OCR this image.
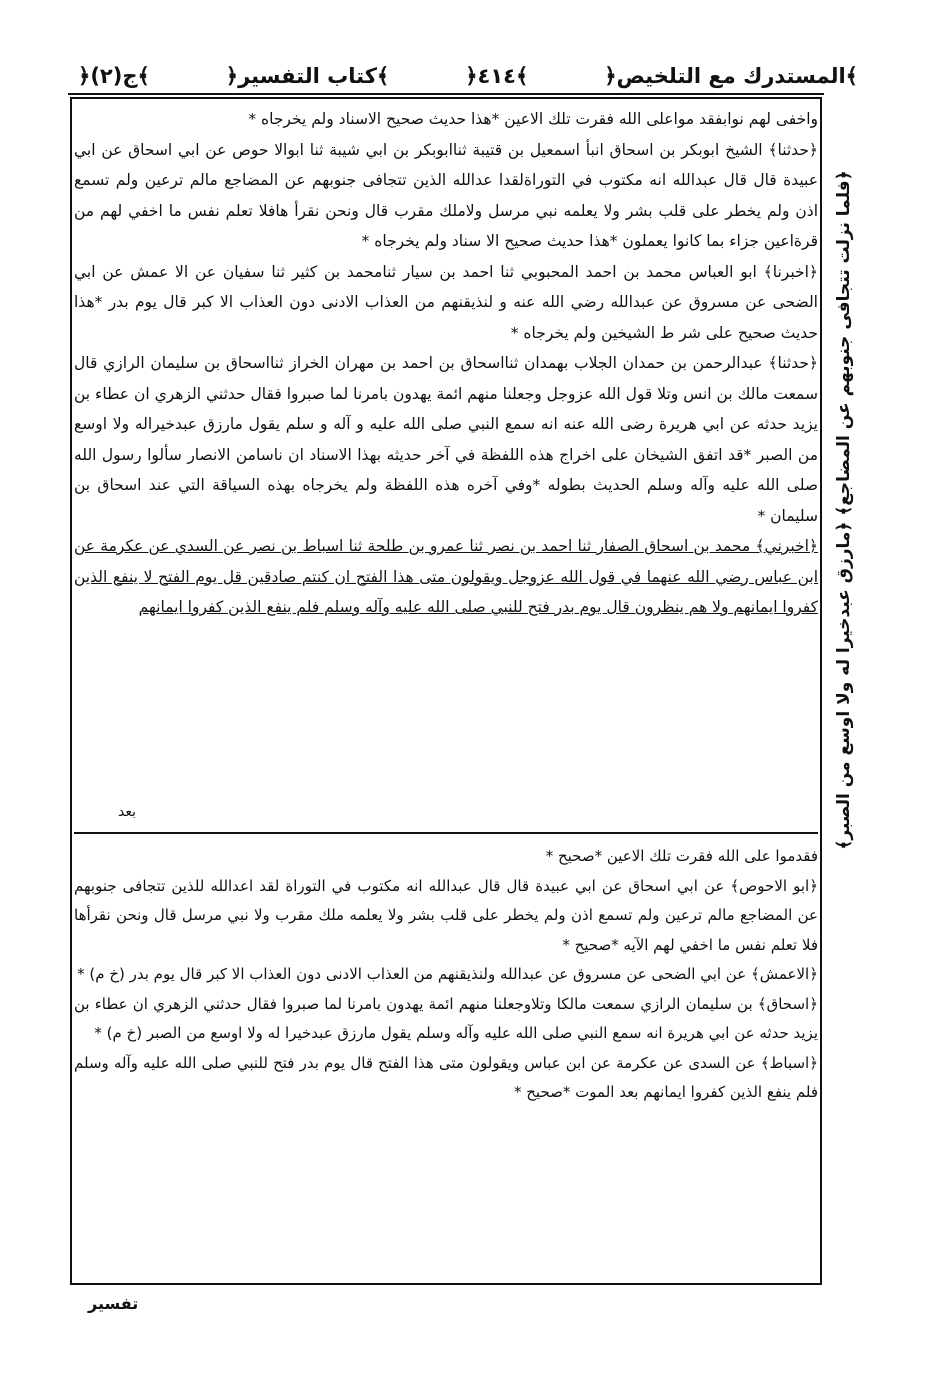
﴿المستدرك مع التلخيص﴾
﴿٤١٤﴾
﴿كتاب التفسير﴾
﴿ج(٢)﴾

واخفى لهم نوابفقد مواعلى الله فقرت تلك الاعين *هذا حديث صحيح الاسناد ولم يخرجاه *

﴿حدثنا﴾ الشيخ ابوبكر بن اسحاق انبأ اسمعيل بن قتيبة ثناابوبكر بن ابي شيبة ثنا ابوالا حوص عن ابي اسحاق عن ابي عبيدة قال قال عبدالله انه مكتوب في التوراةلقدا عدالله الذين تتجافى جنوبهم عن المضاجع مالم ترعين ولم تسمع اذن ولم يخطر على قلب بشر ولا يعلمه نبي مرسل ولاملك مقرب قال ونحن نقرأ هافلا تعلم نفس ما اخفي لهم من قرةاعين جزاء بما كانوا يعملون *هذا حديث صحيح الا سناد ولم يخرجاه *

﴿اخبرنا﴾ ابو العباس محمد بن احمد المحبوبي ثنا احمد بن سيار ثنامحمد بن كثير ثنا سفيان عن الا عمش عن ابي الضحى عن مسروق عن عبدالله رضي الله عنه و لنذيقنهم من العذاب الادنى دون العذاب الا كبر قال يوم بدر *هذا حديث صحيح على شر ط الشيخين ولم يخرجاه *

﴿حدثنا﴾ عبدالرحمن بن حمدان الجلاب بهمدان ثنااسحاق بن احمد بن مهران الخراز ثنااسحاق بن سليمان الرازي قال سمعت مالك بن انس وتلا قول الله عزوجل وجعلنا منهم ائمة يهدون بامرنا لما صبروا فقال حدثني الزهري ان عطاء بن يزيد حدثه عن ابي هريرة رضى الله عنه انه سمع النبي صلى الله عليه و آله و سلم يقول مارزق عبدخيراله ولا اوسع من الصبر *قد اتفق الشيخان على اخراج هذه اللفظة في آخر حديثه بهذا الاسناد ان ناسامن الانصار سألوا رسول الله صلى الله عليه وآله وسلم الحديث بطوله *وفي آخره هذه اللفظة ولم يخرجاه بهذه السياقة التي عند اسحاق بن سليمان *

﴿اخبرني﴾ محمد بن اسحاق الصفار ثنا احمد بن نصر ثنا عمرو بن طلحة ثنا اسباط بن نصر عن السدي عن عكرمة عن ابن عباس رضي الله عنهما في قول الله عزوجل ويقولون متى هذا الفتح ان كنتم صادقين قل يوم الفتح لا ينفع الذين كفروا ايمانهم ولا هم ينظرون قال يوم بدر فتح للنبي صلى الله عليه وآله وسلم فلم ينفع الذين كفروا ايمانهم

بعد

فقدموا على الله فقرت تلك الاعين *صحيح *

﴿ابو الاحوص﴾ عن ابي اسحاق عن ابي عبيدة قال قال عبدالله انه مكتوب في التوراة لقد اعدالله للذين تتجافى جنوبهم عن المضاجع مالم ترعين ولم تسمع اذن ولم يخطر على قلب بشر ولا يعلمه ملك مقرب ولا نبي مرسل قال ونحن نقرأها فلا تعلم نفس ما اخفي لهم الآيه *صحيح *

﴿الاعمش﴾ عن ابي الضحى عن مسروق عن عبدالله ولنذيقنهم من العذاب الادنى دون العذاب الا كبر قال يوم بدر (خ م) *

﴿اسحاق﴾ بن سليمان الرازي سمعت مالكا وتلاوجعلنا منهم ائمة يهدون بامرنا لما صبروا فقال حدثني الزهري ان عطاء بن يزيد حدثه عن ابي هريرة انه سمع النبي صلى الله عليه وآله وسلم يقول مارزق عبدخيرا له ولا اوسع من الصبر (خ م) *

﴿اسباط﴾ عن السدى عن عكرمة عن ابن عباس ويقولون متى هذا الفتح قال يوم بدر فتح للنبي صلى الله عليه وآله وسلم فلم ينفع الذين كفروا ايمانهم بعد الموت *صحيح *

﴿فلما نزلت تتجافى جنوبهم عن المضاجع﴾ ﴿مارزق عبدخيرا له ولا اوسع من الصبر﴾
تفسير
